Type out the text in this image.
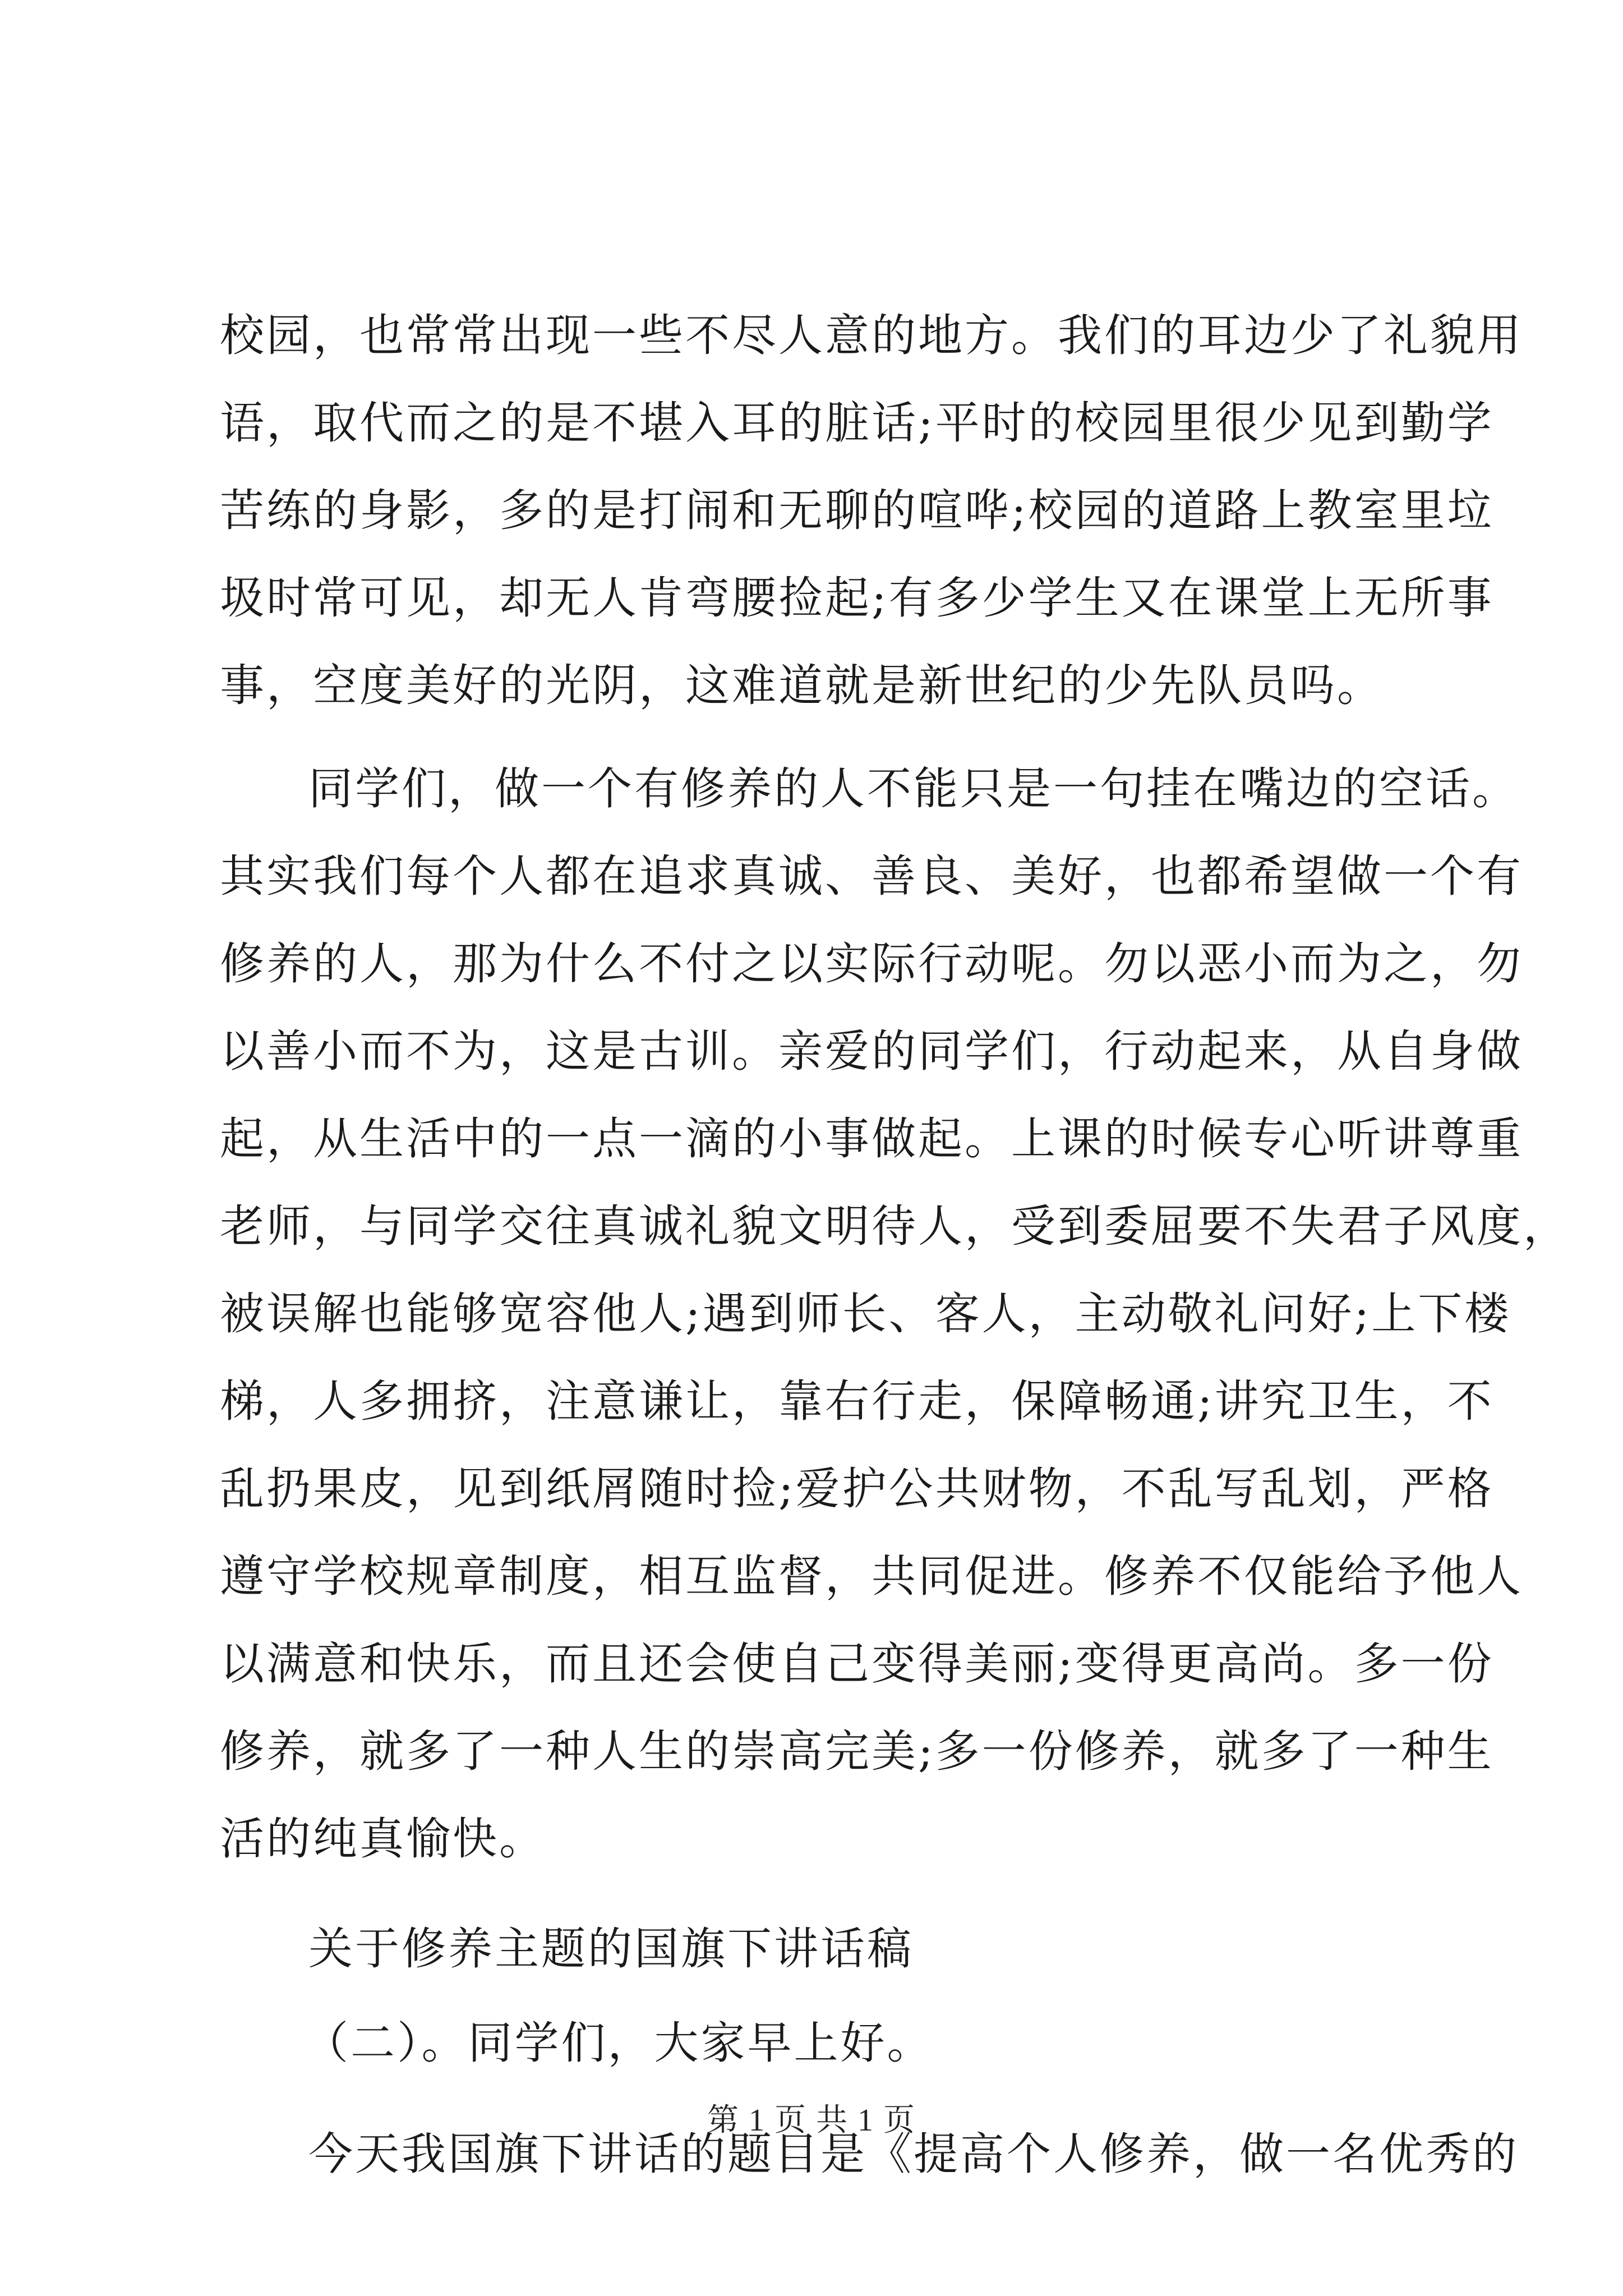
校园，也常常出现一些不尽人意的地方。我们的耳边少了礼貌用
语，取代而之的是不堪入耳的脏话;平时的校园里很少见到勤学
苦练的身影，多的是打闹和无聊的喧哗;校园的道路上教室里垃
圾时常可见，却无人肯弯腰捡起;有多少学生又在课堂上无所事
事，空度美好的光阴，这难道就是新世纪的少先队员吗。
同学们，做一个有修养的人不能只是一句挂在嘴边的空话。
其实我们每个人都在追求真诚、善良、美好，也都希望做一个有
修养的人，那为什么不付之以实际行动呢。勿以恶小而为之，勿
以善小而不为，这是古训。亲爱的同学们，行动起来，从自身做
起，从生活中的一点一滴的小事做起。上课的时候专心听讲尊重
老师，与同学交往真诚礼貌文明待人，受到委屈要不失君子风度，
被误解也能够宽容他人;遇到师长、客人，主动敬礼问好;上下楼
梯，人多拥挤，注意谦让，靠右行走，保障畅通;讲究卫生，不
乱扔果皮，见到纸屑随时捡;爱护公共财物，不乱写乱划，严格
遵守学校规章制度，相互监督，共同促进。修养不仅能给予他人
以满意和快乐，而且还会使自己变得美丽;变得更高尚。多一份
修养，就多了一种人生的崇高完美;多一份修养，就多了一种生
活的纯真愉快。
关于修养主题的国旗下讲话稿
（二）。同学们，大家早上好。
今天我国旗下讲话的题目是《提高个人修养，做一名优秀的
第 1 页 共 1 页
